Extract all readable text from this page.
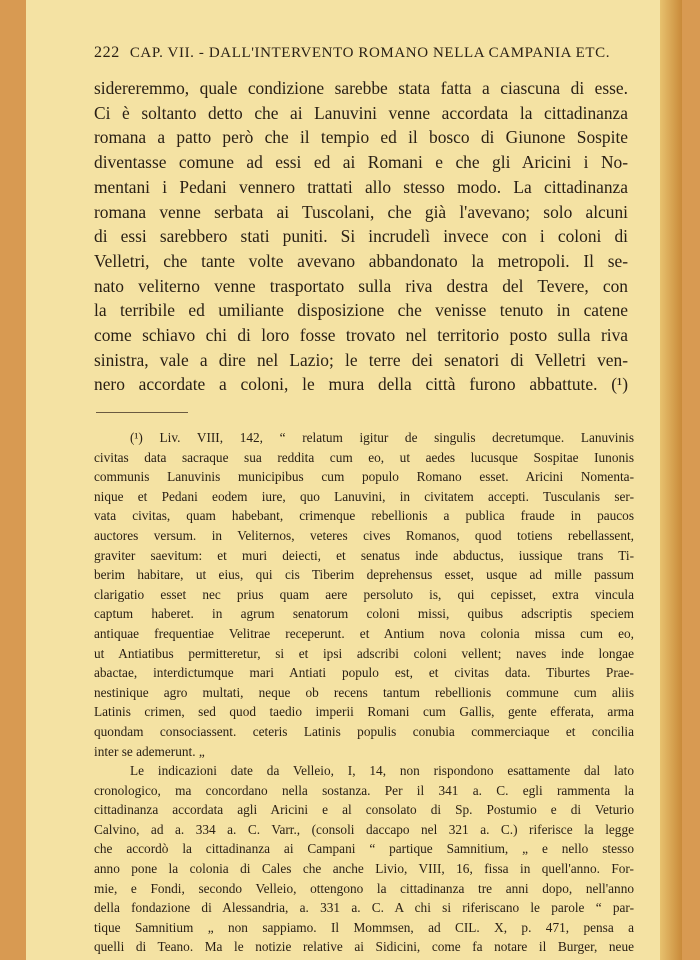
222 CAP. VII. - DALL'INTERVENTO ROMANO NELLA CAMPANIA ETC.
sidereremmo, quale condizione sarebbe stata fatta a ciascuna di esse.
Ci è soltanto detto che ai Lanuvini venne accordata la cittadinanza
romana a patto però che il tempio ed il bosco di Giunone Sospite
diventasse comune ad essi ed ai Romani e che gli Aricini i No-
mentani i Pedani vennero trattati allo stesso modo. La cittadinanza
romana venne serbata ai Tuscolani, che già l'avevano; solo alcuni
di essi sarebbero stati puniti. Si incrudelì invece con i coloni di
Velletri, che tante volte avevano abbandonato la metropoli. Il se-
nato veliterno venne trasportato sulla riva destra del Tevere, con
la terribile ed umiliante disposizione che venisse tenuto in catene
come schiavo chi di loro fosse trovato nel territorio posto sulla riva
sinistra, vale a dire nel Lazio; le terre dei senatori di Velletri ven-
nero accordate a coloni, le mura della città furono abbattute. (¹)
(¹) Liv. VIII, 142, “ relatum igitur de singulis decretumque. Lanuvinis
civitas data sacraque sua reddita cum eo, ut aedes lucusque Sospitae Iunonis
communis Lanuvinis municipibus cum populo Romano esset. Aricini Nomenta-
nique et Pedani eodem iure, quo Lanuvini, in civitatem accepti. Tusculanis ser-
vata civitas, quam habebant, crimenque rebellionis a publica fraude in paucos
auctores versum. in Veliternos, veteres cives Romanos, quod totiens rebellassent,
graviter saevitum: et muri deiecti, et senatus inde abductus, iussique trans Ti-
berim habitare, ut eius, qui cis Tiberim deprehensus esset, usque ad mille passum
clarigatio esset nec prius quam aere persoluto is, qui cepisset, extra vincula
captum haberet. in agrum senatorum coloni missi, quibus adscriptis speciem
antiquae frequentiae Velitrae receperunt. et Antium nova colonia missa cum eo,
ut Antiatibus permitteretur, si et ipsi adscribi coloni vellent; naves inde longae
abactae, interdictumque mari Antiati populo est, et civitas data. Tiburtes Prae-
nestinique agro multati, neque ob recens tantum rebellionis commune cum aliis
Latinis crimen, sed quod taedio imperii Romani cum Gallis, gente efferata, arma
quondam consociassent. ceteris Latinis populis conubia commerciaque et concilia
inter se ademerunt. „
Le indicazioni date da Velleio, I, 14, non rispondono esattamente dal lato
cronologico, ma concordano nella sostanza. Per il 341 a. C. egli rammenta la
cittadinanza accordata agli Aricini e al consolato di Sp. Postumio e di Veturio
Calvino, ad a. 334 a. C. Varr., (consoli daccapo nel 321 a. C.) riferisce la legge
che accordò la cittadinanza ai Campani “ partique Samnitium, „ e nello stesso
anno pone la colonia di Cales che anche Livio, VIII, 16, fissa in quell'anno. For-
mie, e Fondi, secondo Velleio, ottengono la cittadinanza tre anni dopo, nell'anno
della fondazione di Alessandria, a. 331 a. C. A chi si riferiscano le parole “ par-
tique Samnitium „ non sappiamo. Il Mommsen, ad CIL. X, p. 471, pensa a
quelli di Teano. Ma le notizie relative ai Sidicini, come fa notare il Burger, neue
